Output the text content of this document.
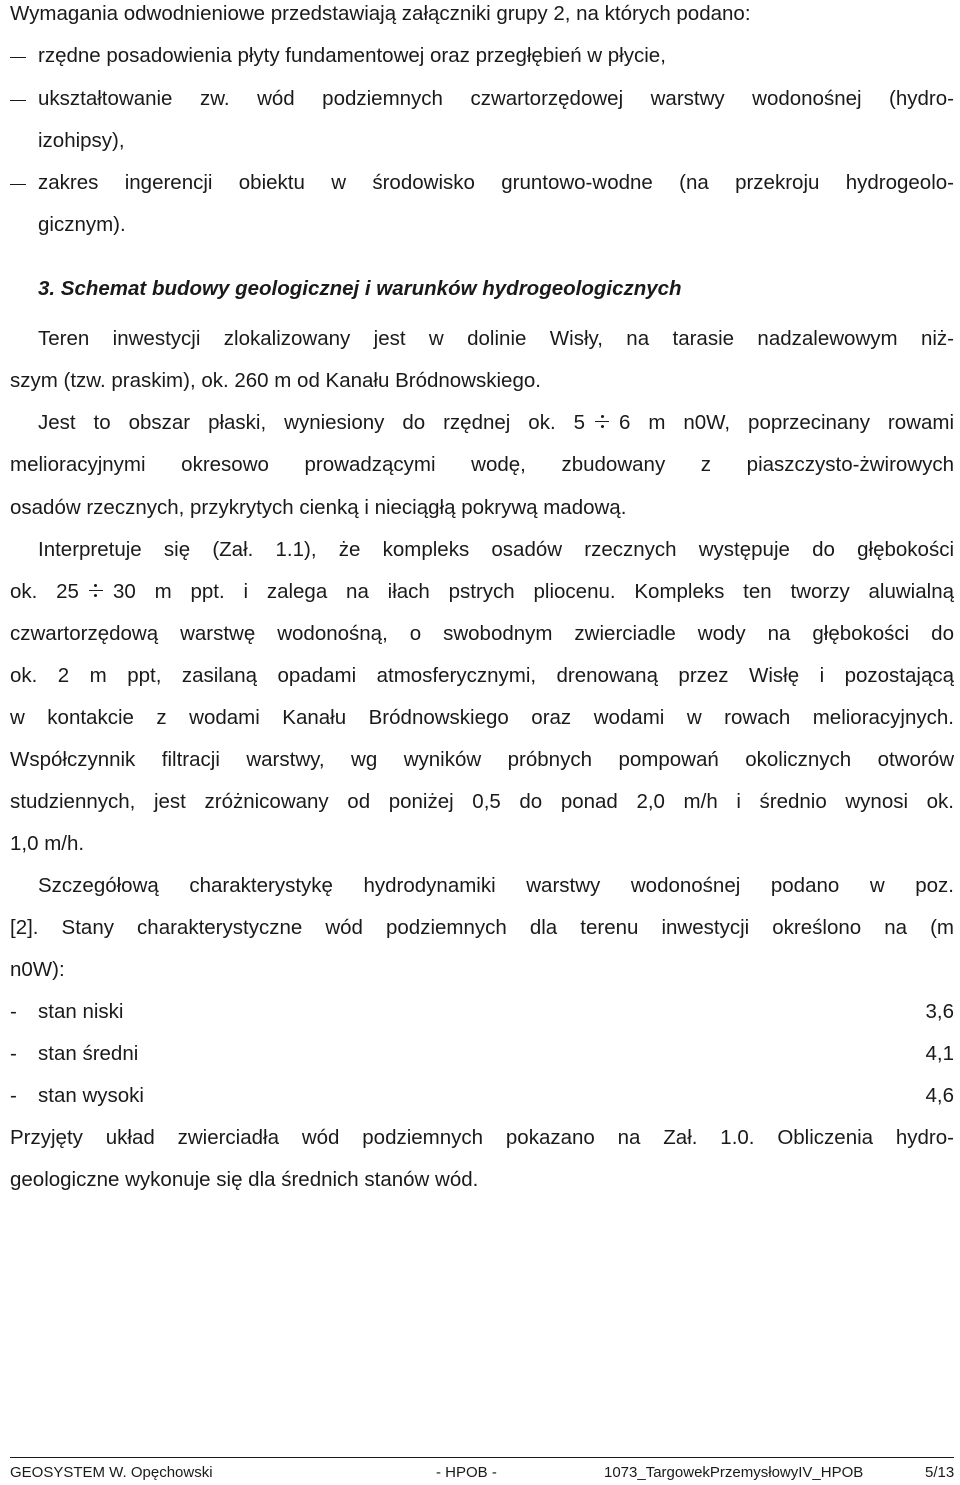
Wymagania odwodnieniowe przedstawiają załączniki grupy 2, na których podano:
rzędne posadowienia płyty fundamentowej oraz przegłębień w płycie,
ukształtowanie zw. wód podziemnych czwartorzędowej warstwy wodonośnej (hydro-
izohipsy),
zakres ingerencji obiektu w środowisko gruntowo-wodne (na przekroju hydrogeolo-
gicznym).
3. Schemat budowy geologicznej i warunków hydrogeologicznych
Teren inwestycji zlokalizowany jest w dolinie Wisły, na tarasie nadzalewowym niż-
szym (tzw. praskim), ok. 260 m od Kanału Bródnowskiego.
Jest to obszar płaski, wyniesiony do rzędnej ok. 5 6 m n0W, poprzecinany rowami
melioracyjnymi okresowo prowadzącymi wodę, zbudowany z piaszczysto-żwirowych
osadów rzecznych, przykrytych cienką i nieciągłą pokrywą madową.
Interpretuje się (Zał. 1.1), że kompleks osadów rzecznych występuje do głębokości
ok. 25 30 m ppt. i zalega na iłach pstrych pliocenu. Kompleks ten tworzy aluwialną
czwartorzędową warstwę wodonośną, o swobodnym zwierciadle wody na głębokości do
ok. 2 m ppt, zasilaną opadami atmosferycznymi, drenowaną przez Wisłę i pozostającą
w kontakcie z wodami Kanału Bródnowskiego oraz wodami w rowach melioracyjnych.
Współczynnik filtracji warstwy, wg wyników próbnych pompowań okolicznych otworów
studziennych, jest zróżnicowany od poniżej 0,5 do ponad 2,0 m/h i średnio wynosi ok.
1,0 m/h.
Szczegółową charakterystykę hydrodynamiki warstwy wodonośnej podano w poz.
[2]. Stany charakterystyczne wód podziemnych dla terenu inwestycji określono na (m
n0W):
- stan niski	3,6
- stan średni	4,1
- stan wysoki	4,6
Przyjęty układ zwierciadła wód podziemnych pokazano na Zał. 1.0. Obliczenia hydro-
geologiczne wykonuje się dla średnich stanów wód.
GEOSYSTEM W. Opęchowski	- HPOB -	1073_TargowekPrzemysłowyIV_HPOB	5/13
